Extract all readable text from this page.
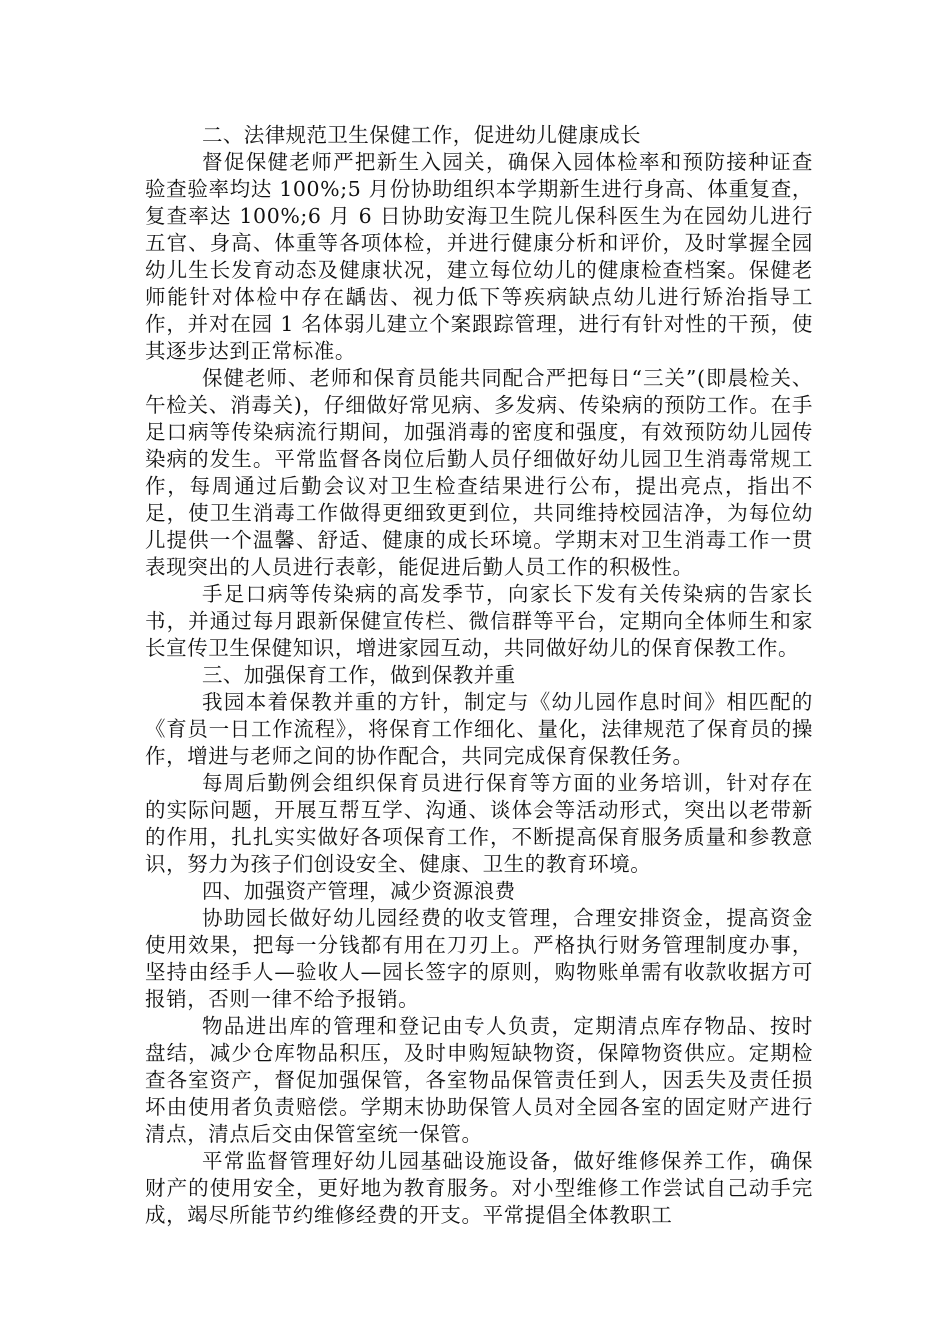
二、法律规范卫生保健工作，促进幼儿健康成长

督促保健老师严把新生入园关，确保入园体检率和预防接种证查验查验率均达 100%;5 月份协助组织本学期新生进行身高、体重复查，复查率达 100%;6 月 6 日协助安海卫生院儿保科医生为在园幼儿进行五官、身高、体重等各项体检，并进行健康分析和评价，及时掌握全园幼儿生长发育动态及健康状况，建立每位幼儿的健康检查档案。保健老师能针对体检中存在龋齿、视力低下等疾病缺点幼儿进行矫治指导工作，并对在园 1 名体弱儿建立个案跟踪管理，进行有针对性的干预，使其逐步达到正常标准。

保健老师、老师和保育员能共同配合严把每日“三关”(即晨检关、午检关、消毒关)，仔细做好常见病、多发病、传染病的预防工作。在手足口病等传染病流行期间，加强消毒的密度和强度，有效预防幼儿园传染病的发生。平常监督各岗位后勤人员仔细做好幼儿园卫生消毒常规工作，每周通过后勤会议对卫生检查结果进行公布，提出亮点，指出不足，使卫生消毒工作做得更细致更到位，共同维持校园洁净，为每位幼儿提供一个温馨、舒适、健康的成长环境。学期末对卫生消毒工作一贯表现突出的人员进行表彰，能促进后勤人员工作的积极性。

手足口病等传染病的高发季节，向家长下发有关传染病的告家长书，并通过每月跟新保健宣传栏、微信群等平台，定期向全体师生和家长宣传卫生保健知识，增进家园互动，共同做好幼儿的保育保教工作。

三、加强保育工作，做到保教并重

我园本着保教并重的方针，制定与《幼儿园作息时间》相匹配的《育员一日工作流程》，将保育工作细化、量化，法律规范了保育员的操作，增进与老师之间的协作配合，共同完成保育保教任务。

每周后勤例会组织保育员进行保育等方面的业务培训，针对存在的实际问题，开展互帮互学、沟通、谈体会等活动形式，突出以老带新的作用，扎扎实实做好各项保育工作，不断提高保育服务质量和参教意识，努力为孩子们创设安全、健康、卫生的教育环境。

四、加强资产管理，减少资源浪费

协助园长做好幼儿园经费的收支管理，合理安排资金，提高资金使用效果，把每一分钱都有用在刀刃上。严格执行财务管理制度办事，坚持由经手人—验收人—园长签字的原则，购物账单需有收款收据方可报销，否则一律不给予报销。

物品进出库的管理和登记由专人负责，定期清点库存物品、按时盘结，减少仓库物品积压，及时申购短缺物资，保障物资供应。定期检查各室资产，督促加强保管，各室物品保管责任到人，因丢失及责任损坏由使用者负责赔偿。学期末协助保管人员对全园各室的固定财产进行清点，清点后交由保管室统一保管。

平常监督管理好幼儿园基础设施设备，做好维修保养工作，确保财产的使用安全，更好地为教育服务。对小型维修工作尝试自己动手完成，竭尽所能节约维修经费的开支。平常提倡全体教职工
